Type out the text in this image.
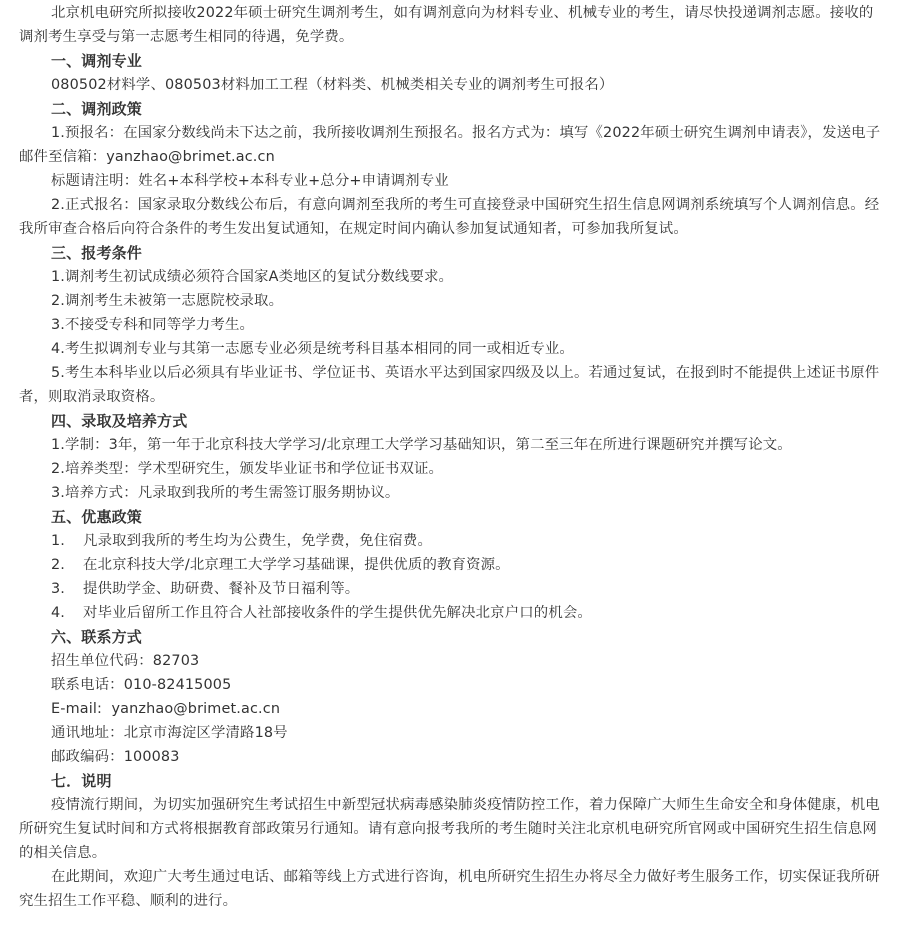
北京机电研究所拟接收2022年硕士研究生调剂考生，如有调剂意向为材料专业、机械专业的考生，请尽快投递调剂志愿。接收的调剂考生享受与第一志愿考生相同的待遇，免学费。

一、调剂专业

080502材料学、080503材料加工工程（材料类、机械类相关专业的调剂考生可报名）

二、调剂政策

1.预报名：在国家分数线尚未下达之前，我所接收调剂生预报名。报名方式为：填写《2022年硕士研究生调剂申请表》，发送电子邮件至信箱：yanzhao@brimet.ac.cn

标题请注明：姓名+本科学校+本科专业+总分+申请调剂专业

2.正式报名：国家录取分数线公布后，有意向调剂至我所的考生可直接登录中国研究生招生信息网调剂系统填写个人调剂信息。经我所审查合格后向符合条件的考生发出复试通知，在规定时间内确认参加复试通知者，可参加我所复试。

三、报考条件

1.调剂考生初试成绩必须符合国家A类地区的复试分数线要求。

2.调剂考生未被第一志愿院校录取。

3.不接受专科和同等学力考生。

4.考生拟调剂专业与其第一志愿专业必须是统考科目基本相同的同一或相近专业。

5.考生本科毕业以后必须具有毕业证书、学位证书、英语水平达到国家四级及以上。若通过复试，在报到时不能提供上述证书原件者，则取消录取资格。

四、录取及培养方式

1.学制：3年，第一年于北京科技大学学习/北京理工大学学习基础知识，第二至三年在所进行课题研究并撰写论文。

2.培养类型：学术型研究生，颁发毕业证书和学位证书双证。

3.培养方式：凡录取到我所的考生需签订服务期协议。

五、优惠政策

1. 凡录取到我所的考生均为公费生，免学费，免住宿费。

2. 在北京科技大学/北京理工大学学习基础课，提供优质的教育资源。

3. 提供助学金、助研费、餐补及节日福利等。

4. 对毕业后留所工作且符合人社部接收条件的学生提供优先解决北京户口的机会。

六、联系方式

招生单位代码：82703

联系电话：010-82415005

E-mail:  yanzhao@brimet.ac.cn

通讯地址：北京市海淀区学清路18号

邮政编码：100083

七．说明

疫情流行期间，为切实加强研究生考试招生中新型冠状病毒感染肺炎疫情防控工作，着力保障广大师生生命安全和身体健康，机电所研究生复试时间和方式将根据教育部政策另行通知。请有意向报考我所的考生随时关注北京机电研究所官网或中国研究生招生信息网的相关信息。

在此期间，欢迎广大考生通过电话、邮箱等线上方式进行咨询，机电所研究生招生办将尽全力做好考生服务工作，切实保证我所研究生招生工作平稳、顺利的进行。
